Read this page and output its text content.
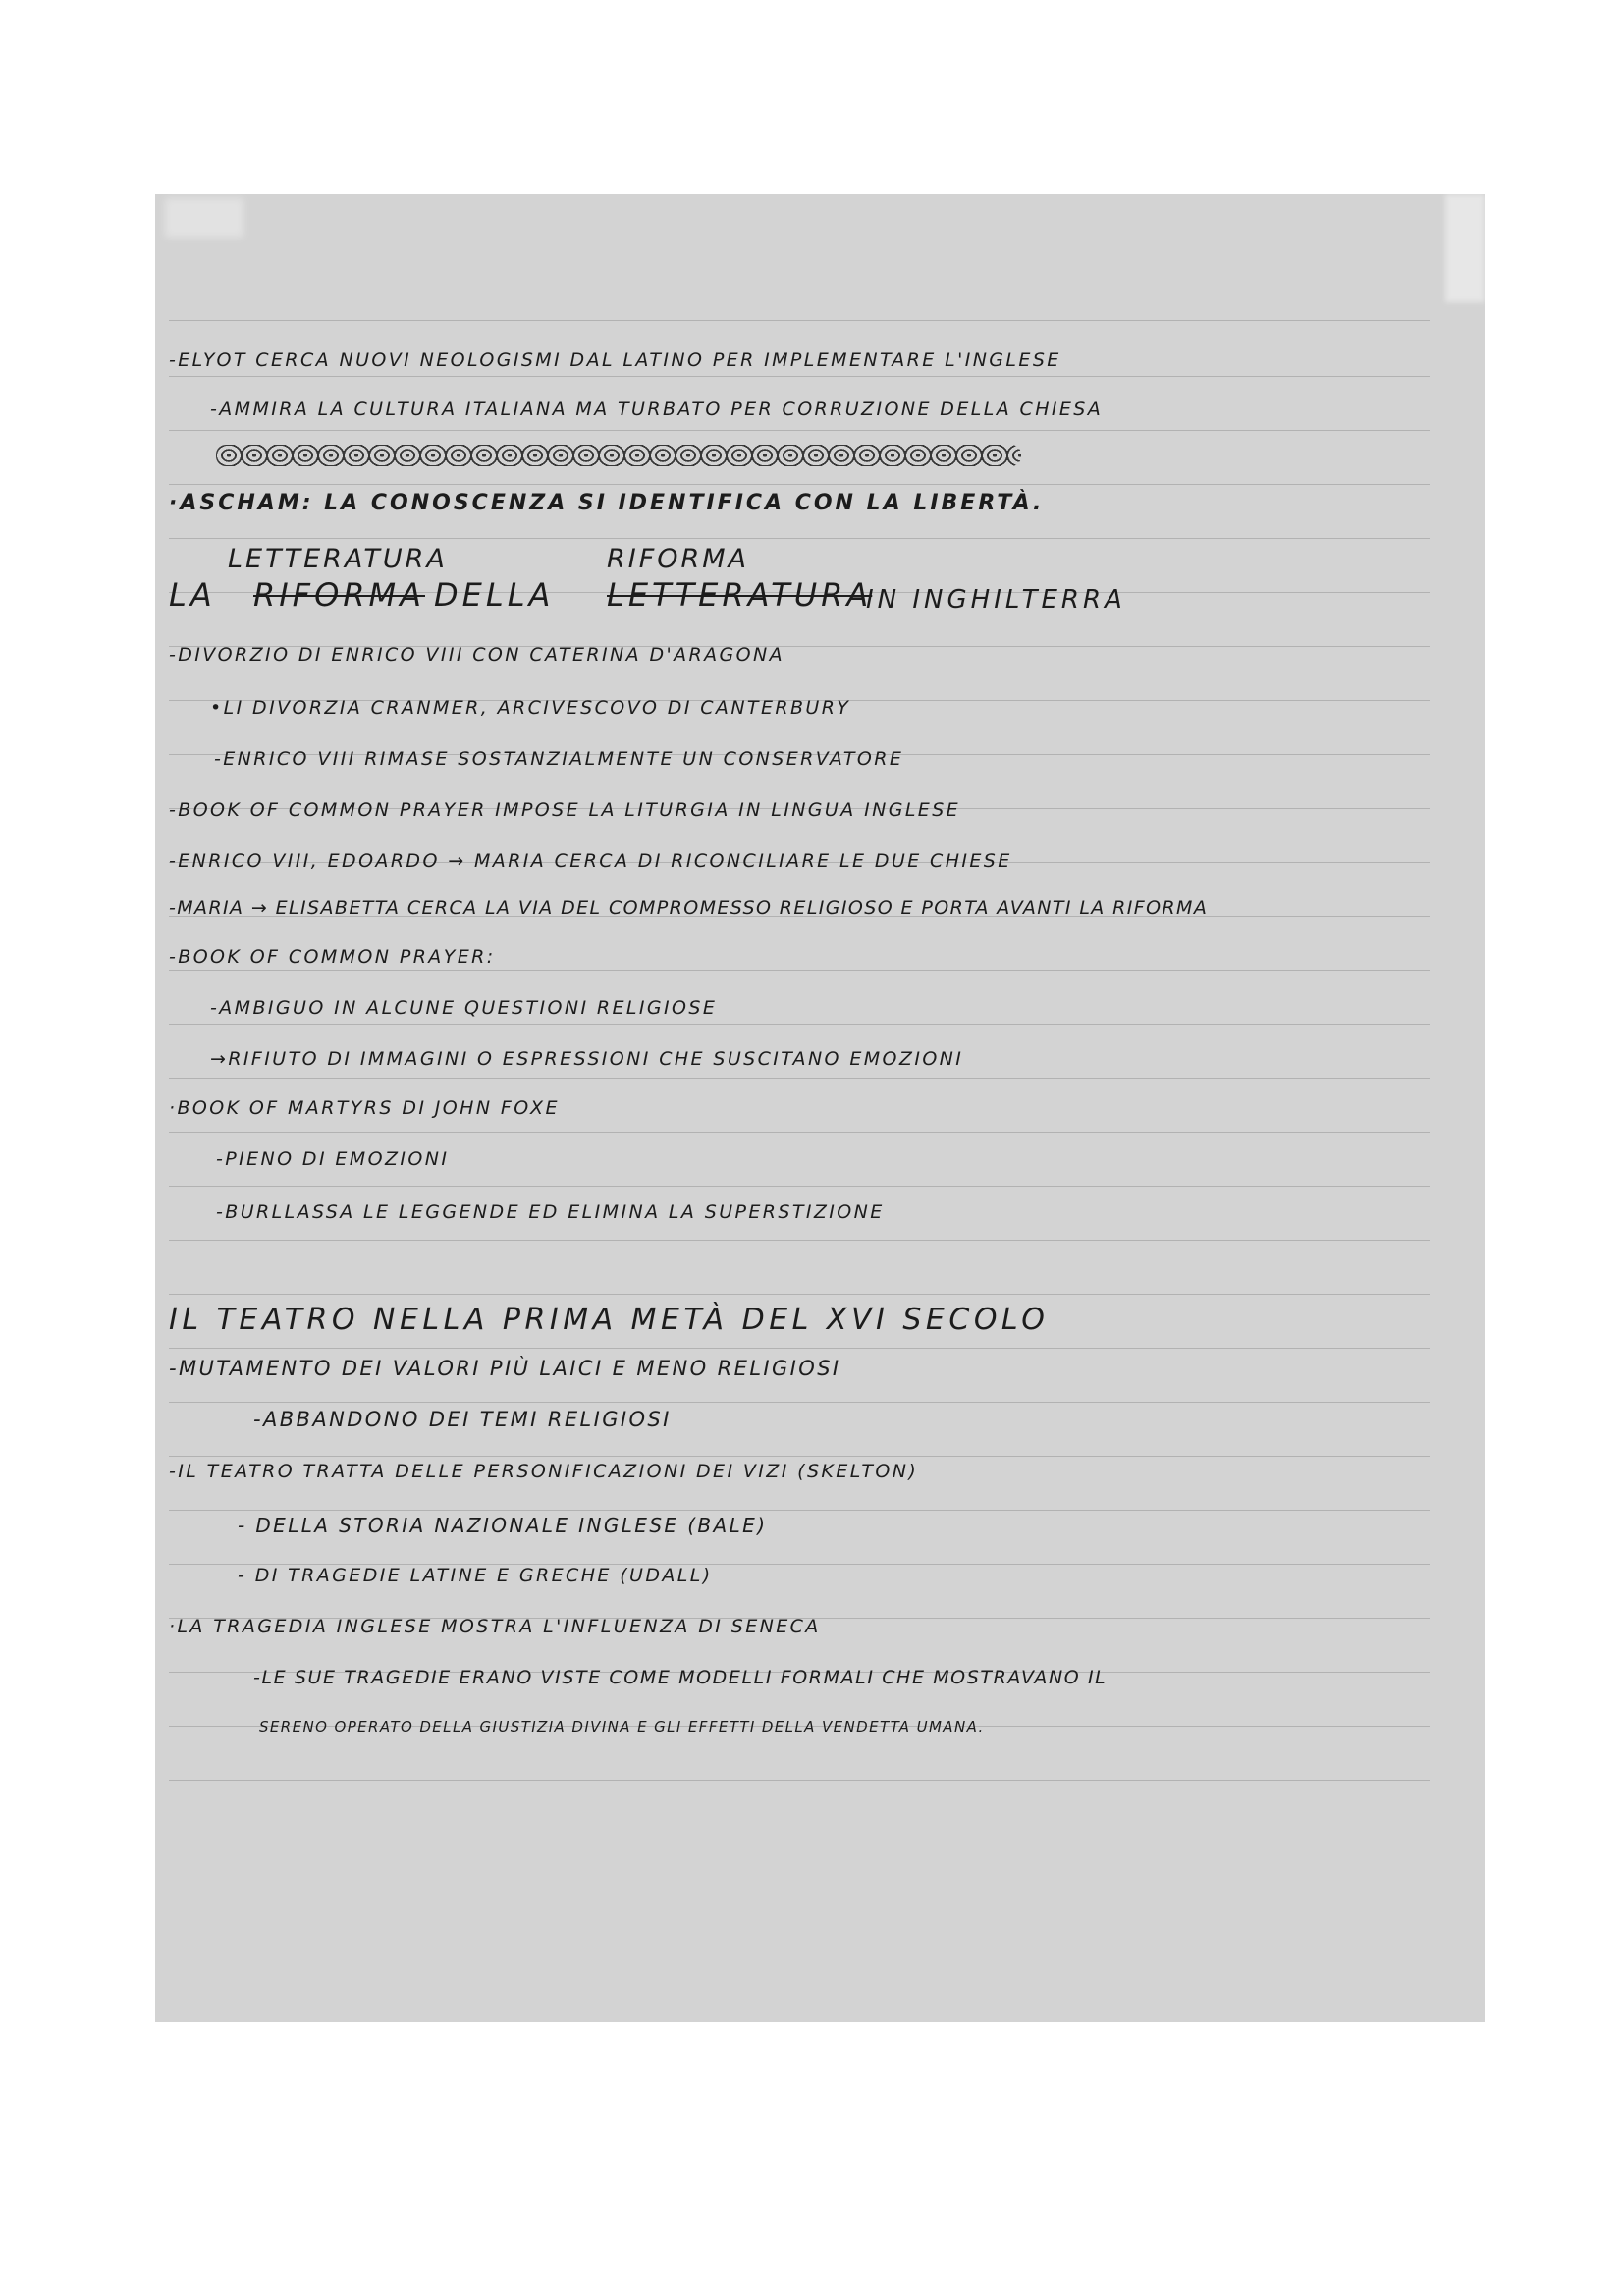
-ELYOT CERCA NUOVI NEOLOGISMI DAL LATINO PER IMPLEMENTARE L'INGLESE
-AMMIRA LA CULTURA ITALIANA MA TURBATO PER CORRUZIONE DELLA CHIESA
·ASCHAM: LA CONOSCENZA SI IDENTIFICA CON LA LIBERTÀ.
LETTERATURA	RIFORMA
LA RIFORMA DELLA LETTERATURA
IN INGHILTERRA
-DIVORZIO DI ENRICO VIII CON CATERINA D'ARAGONA
•LI DIVORZIA CRANMER, ARCIVESCOVO DI CANTERBURY
-ENRICO VIII RIMASE SOSTANZIALMENTE UN CONSERVATORE
-BOOK OF COMMON PRAYER IMPOSE LA LITURGIA IN LINGUA INGLESE
-ENRICO VIII, EDOARDO → MARIA CERCA DI RICONCILIARE LE DUE CHIESE
-MARIA → ELISABETTA CERCA LA VIA DEL COMPROMESSO RELIGIOSO E PORTA AVANTI LA RIFORMA
-BOOK OF COMMON PRAYER:
-AMBIGUO IN ALCUNE QUESTIONI RELIGIOSE
→RIFIUTO DI IMMAGINI O ESPRESSIONI CHE SUSCITANO EMOZIONI
·BOOK OF MARTYRS DI JOHN FOXE
-PIENO DI EMOZIONI
-BURLLASSA LE LEGGENDE ED ELIMINA LA SUPERSTIZIONE
IL TEATRO NELLA PRIMA METÀ DEL XVI SECOLO
-MUTAMENTO DEI VALORI PIÙ LAICI E MENO RELIGIOSI
-ABBANDONO DEI TEMI RELIGIOSI
-IL TEATRO TRATTA DELLE PERSONIFICAZIONI DEI VIZI (SKELTON)
- DELLA STORIA NAZIONALE INGLESE (BALE)
- DI TRAGEDIE LATINE E GRECHE (UDALL)
·LA TRAGEDIA INGLESE MOSTRA L'INFLUENZA DI SENECA
-LE SUE TRAGEDIE ERANO VISTE COME MODELLI FORMALI CHE MOSTRAVANO IL
SERENO OPERATO DELLA GIUSTIZIA DIVINA E GLI EFFETTI DELLA VENDETTA UMANA.
